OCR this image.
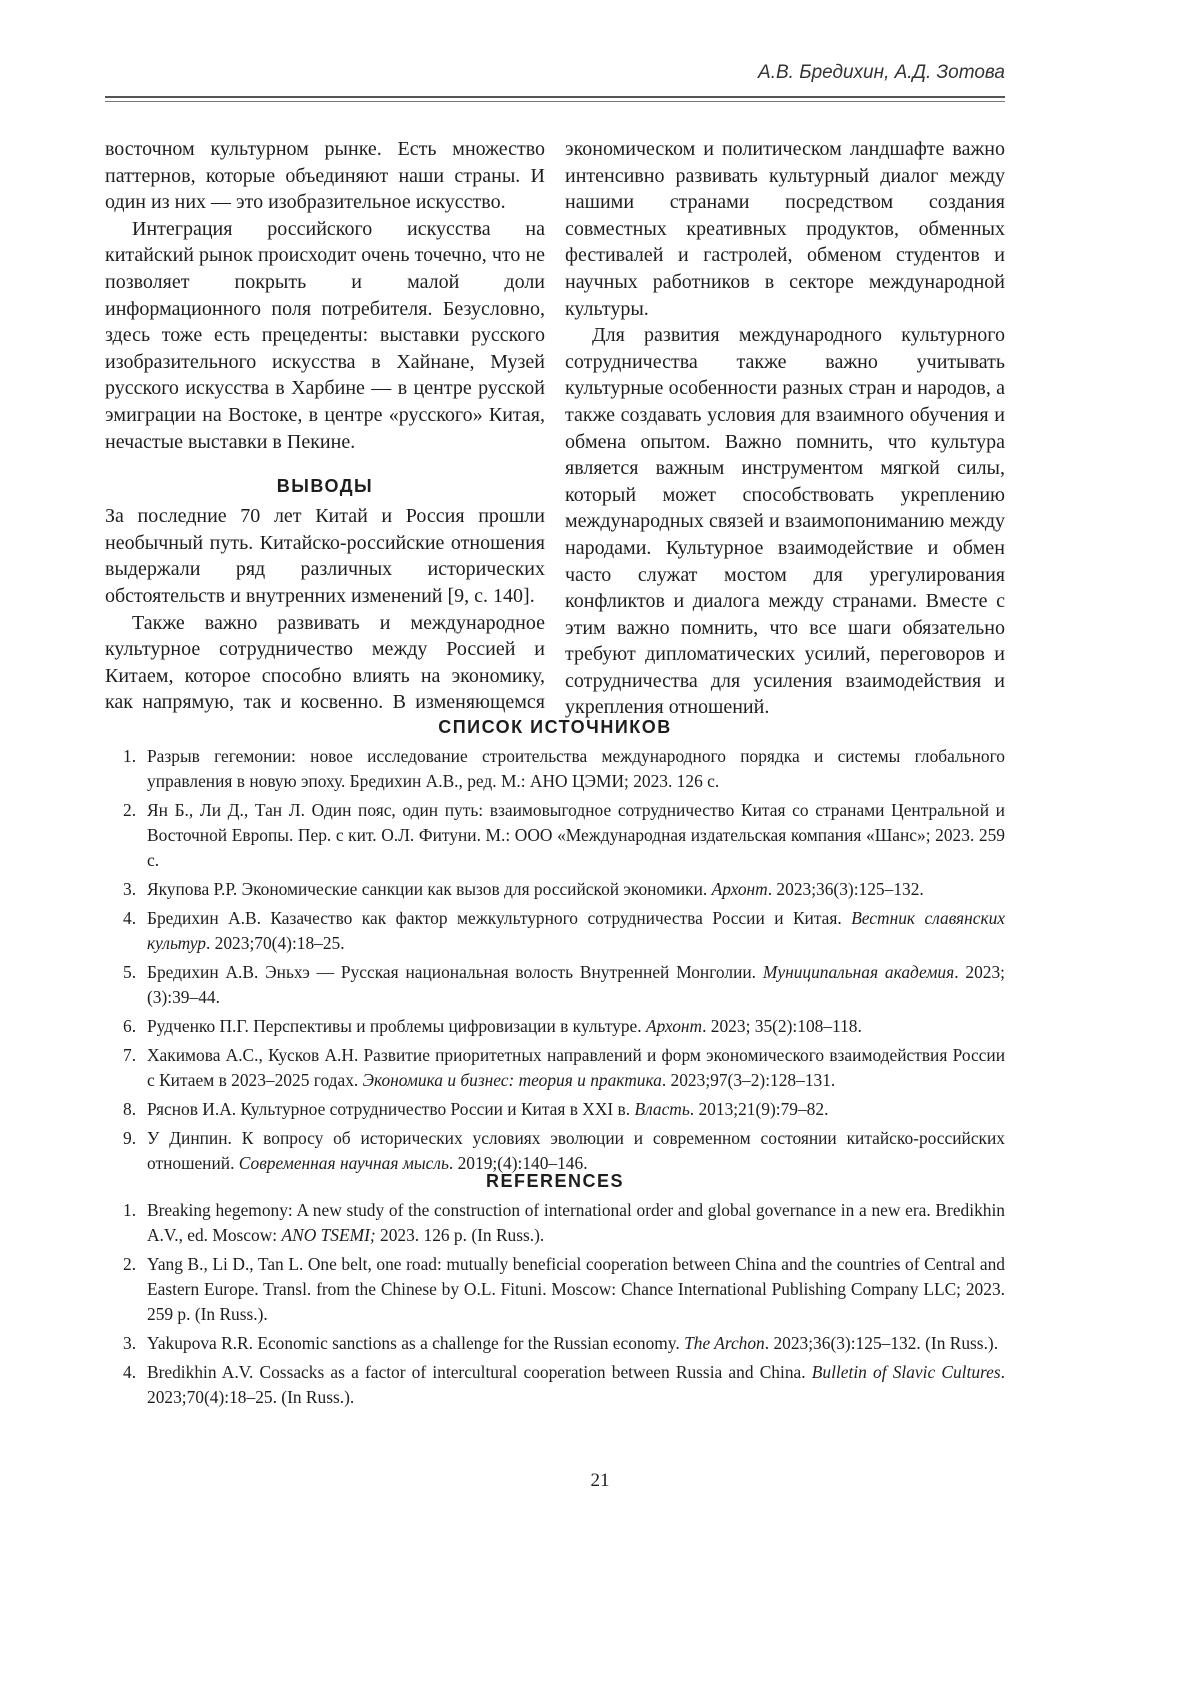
А.В. Бредихин, А.Д. Зотова

восточном культурном рынке. Есть множество паттернов, которые объединяют наши страны. И один из них — это изобразительное искусство.

Интеграция российского искусства на китайский рынок происходит очень точечно, что не позволяет покрыть и малой доли информационного поля потребителя. Безусловно, здесь тоже есть прецеденты: выставки русского изобразительного искусства в Хайнане, Музей русского искусства в Харбине — в центре русской эмиграции на Востоке, в центре «русского» Китая, нечастые выставки в Пекине.

ВЫВОДЫ

За последние 70 лет Китай и Россия прошли необычный путь. Китайско-российские отношения выдержали ряд различных исторических обстоятельств и внутренних изменений [9, с. 140].

Также важно развивать и международное культурное сотрудничество между Россией и Китаем, которое способно влиять на экономику, как напрямую, так и косвенно. В изменяющемся

экономическом и политическом ландшафте важно интенсивно развивать культурный диалог между нашими странами посредством создания совместных креативных продуктов, обменных фестивалей и гастролей, обменом студентов и научных работников в секторе международной культуры.

Для развития международного культурного сотрудничества также важно учитывать культурные особенности разных стран и народов, а также создавать условия для взаимного обучения и обмена опытом. Важно помнить, что культура является важным инструментом мягкой силы, который может способствовать укреплению международных связей и взаимопониманию между народами. Культурное взаимодействие и обмен часто служат мостом для урегулирования конфликтов и диалога между странами. Вместе с этим важно помнить, что все шаги обязательно требуют дипломатических усилий, переговоров и сотрудничества для усиления взаимодействия и укрепления отношений.

СПИСОК ИСТОЧНИКОВ
1. Разрыв гегемонии: новое исследование строительства международного порядка и системы глобального управления в новую эпоху. Бредихин А.В., ред. М.: АНО ЦЭМИ; 2023. 126 с.
2. Ян Б., Ли Д., Тан Л. Один пояс, один путь: взаимовыгодное сотрудничество Китая со странами Центральной и Восточной Европы. Пер. с кит. О.Л. Фитуни. М.: ООО «Международная издательская компания «Шанс»; 2023. 259 с.
3. Якупова Р.Р. Экономические санкции как вызов для российской экономики. Архонт. 2023;36(3):125–132.
4. Бредихин А.В. Казачество как фактор межкультурного сотрудничества России и Китая. Вестник славянских культур. 2023;70(4):18–25.
5. Бредихин А.В. Эньхэ — Русская национальная волость Внутренней Монголии. Муниципальная академия. 2023;(3):39–44.
6. Рудченко П.Г. Перспективы и проблемы цифровизации в культуре. Архонт. 2023; 35(2):108–118.
7. Хакимова А.С., Кусков А.Н. Развитие приоритетных направлений и форм экономического взаимодействия России с Китаем в 2023–2025 годах. Экономика и бизнес: теория и практика. 2023;97(3–2):128–131.
8. Ряснов И.А. Культурное сотрудничество России и Китая в XXI в. Власть. 2013;21(9):79–82.
9. У Динпин. К вопросу об исторических условиях эволюции и современном состоянии китайско-российских отношений. Современная научная мысль. 2019;(4):140–146.
REFERENCES
1. Breaking hegemony: A new study of the construction of international order and global governance in a new era. Bredikhin A.V., ed. Moscow: ANO TSEMI; 2023. 126 p. (In Russ.).
2. Yang B., Li D., Tan L. One belt, one road: mutually beneficial cooperation between China and the countries of Central and Eastern Europe. Transl. from the Chinese by O.L. Fituni. Moscow: Chance International Publishing Company LLC; 2023. 259 p. (In Russ.).
3. Yakupova R.R. Economic sanctions as a challenge for the Russian economy. The Archon. 2023;36(3):125–132. (In Russ.).
4. Bredikhin A.V. Cossacks as a factor of intercultural cooperation between Russia and China. Bulletin of Slavic Cultures. 2023;70(4):18–25. (In Russ.).
21
